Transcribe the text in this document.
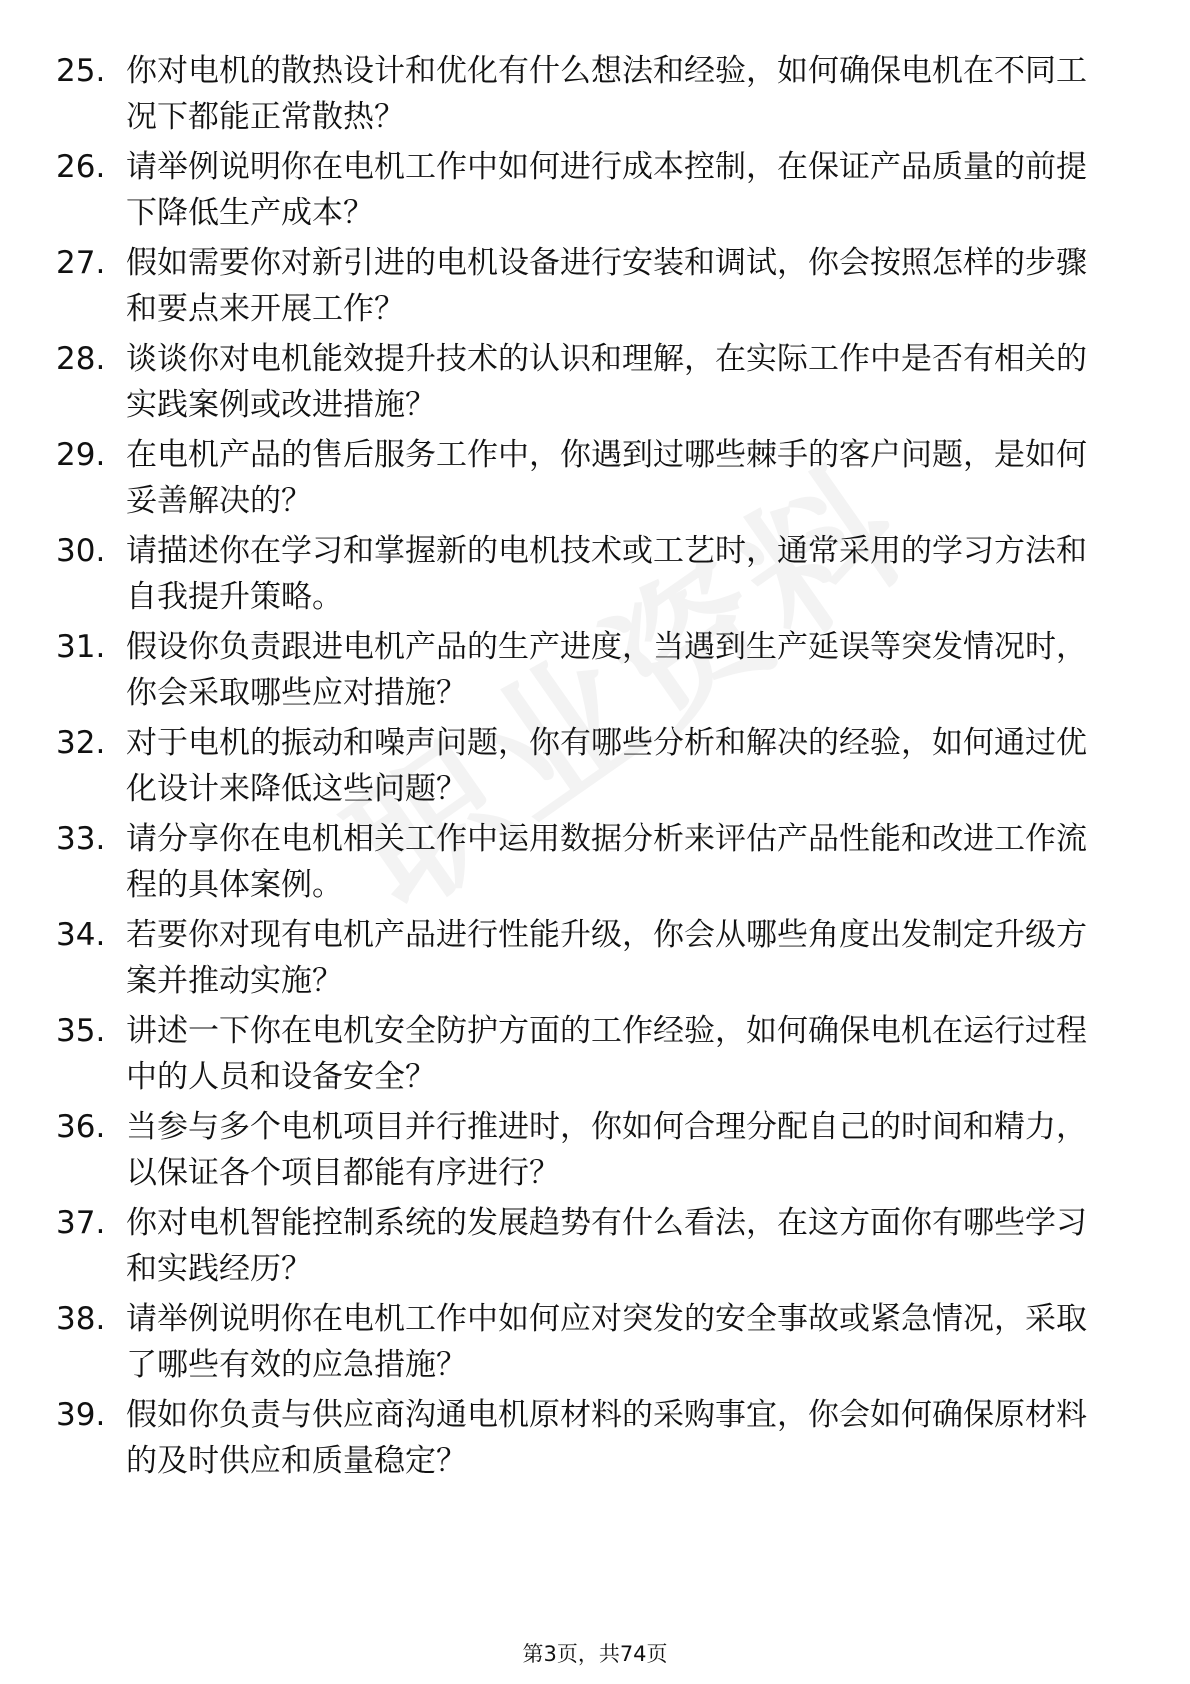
25. 你对电机的散热设计和优化有什么想法和经验，如何确保电机在不同工况下都能正常散热？
26. 请举例说明你在电机工作中如何进行成本控制，在保证产品质量的前提下降低生产成本？
27. 假如需要你对新引进的电机设备进行安装和调试，你会按照怎样的步骤和要点来开展工作？
28. 谈谈你对电机能效提升技术的认识和理解，在实际工作中是否有相关的实践案例或改进措施？
29. 在电机产品的售后服务工作中，你遇到过哪些棘手的客户问题，是如何妥善解决的？
30. 请描述你在学习和掌握新的电机技术或工艺时，通常采用的学习方法和自我提升策略。
31. 假设你负责跟进电机产品的生产进度，当遇到生产延误等突发情况时，你会采取哪些应对措施？
32. 对于电机的振动和噪声问题，你有哪些分析和解决的经验，如何通过优化设计来降低这些问题？
33. 请分享你在电机相关工作中运用数据分析来评估产品性能和改进工作流程的具体案例。
34. 若要你对现有电机产品进行性能升级，你会从哪些角度出发制定升级方案并推动实施？
35. 讲述一下你在电机安全防护方面的工作经验，如何确保电机在运行过程中的人员和设备安全？
36. 当参与多个电机项目并行推进时，你如何合理分配自己的时间和精力，以保证各个项目都能有序进行？
37. 你对电机智能控制系统的发展趋势有什么看法，在这方面你有哪些学习和实践经历？
38. 请举例说明你在电机工作中如何应对突发的安全事故或紧急情况，采取了哪些有效的应急措施？
39. 假如你负责与供应商沟通电机原材料的采购事宜，你会如何确保原材料的及时供应和质量稳定？
第3页，共74页
